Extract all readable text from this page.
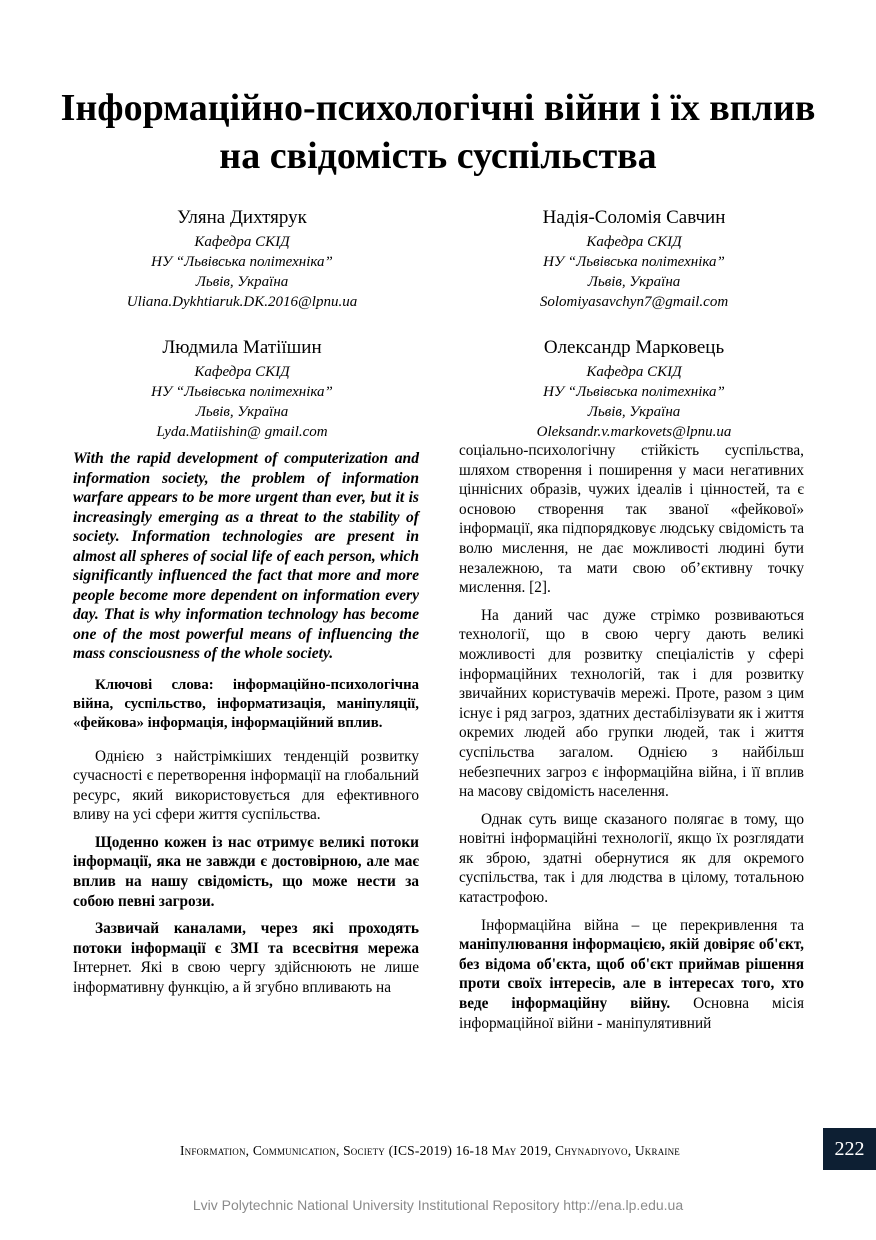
Інформаційно-психологічні війни і їх вплив на свідомість суспільства
Уляна Дихтярук
Кафедра СКІД
НУ “Львівська політехніка”
Львів, Україна
Uliana.Dykhtiaruk.DK.2016@lpnu.ua
Надія-Соломія Савчин
Кафедра СКІД
НУ “Львівська політехніка”
Львів, Україна
Solomiyasavchyn7@gmail.com
Людмила Матіїшин
Кафедра СКІД
НУ “Львівська політехніка”
Львів, Україна
Lyda.Matiishin@ gmail.com
Олександр Марковець
Кафедра СКІД
НУ “Львівська політехніка”
Львів, Україна
Oleksandr.v.markovets@lpnu.ua

With the rapid development of computerization and information society, the problem of information warfare appears to be more urgent than ever, but it is increasingly emerging as a threat to the stability of society. Information technologies are present in almost all spheres of social life of each person, which significantly influenced the fact that more and more people become more dependent on information every day. That is why information technology has become one of the most powerful means of influencing the mass consciousness of the whole society.

Ключові слова: інформаційно-психологічна війна, суспільство, інформатизація, маніпуляції, «фейкова» інформація, інформаційний вплив.

Однією з найстрімкіших тенденцій розвитку сучасності є перетворення інформації на глобальний ресурс, який використовується для ефективного вливу на усі сфери життя суспільства.

Щоденно кожен із нас отримує великі потоки інформації, яка не завжди є достовірною, але має вплив на нашу свідомість, що може нести за собою певні загрози.

Зазвичай каналами, через які проходять потоки інформації є ЗМІ та всесвітня мережа Інтернет. Які в свою чергу здійснюють не лише інформативну функцію, а й згубно впливають на

соціально-психологічну стійкість суспільства, шляхом створення і поширення у маси негативних ціннісних образів, чужих ідеалів і цінностей, та є основою створення так званої «фейкової» інформації, яка підпорядковує людську свідомість та волю мислення, не дає можливості людині бути незалежною, та мати свою об’єктивну точку мислення. [2].

На даний час дуже стрімко розвиваються технології, що в свою чергу дають великі можливості для розвитку спеціалістів у сфері інформаційних технологій, так і для розвитку звичайних користувачів мережі. Проте, разом з цим існує і ряд загроз, здатних дестабілізувати як і життя окремих людей або групки людей, так і життя суспільства загалом. Однією з найбільш небезпечних загроз є інформаційна війна, і її вплив на масову свідомість населення.

Однак суть вище сказаного полягає в тому, що новітні інформаційні технології, якщо їх розглядати як зброю, здатні обернутися як для окремого суспільства, так і для людства в цілому, тотальною катастрофою.

Інформаційна війна – це перекривлення та маніпулювання інформацією, якій довіряє об'єкт, без відома об'єкта, щоб об'єкт приймав рішення проти своїх інтересів, але в інтересах того, хто веде інформаційну війну. Основна місія інформаційної війни - маніпулятивний

Information, Communication, Society (ICS-2019) 16-18 May 2019, Chynadiyovo, Ukraine	222
Lviv Polytechnic National University Institutional Repository http://ena.lp.edu.ua
